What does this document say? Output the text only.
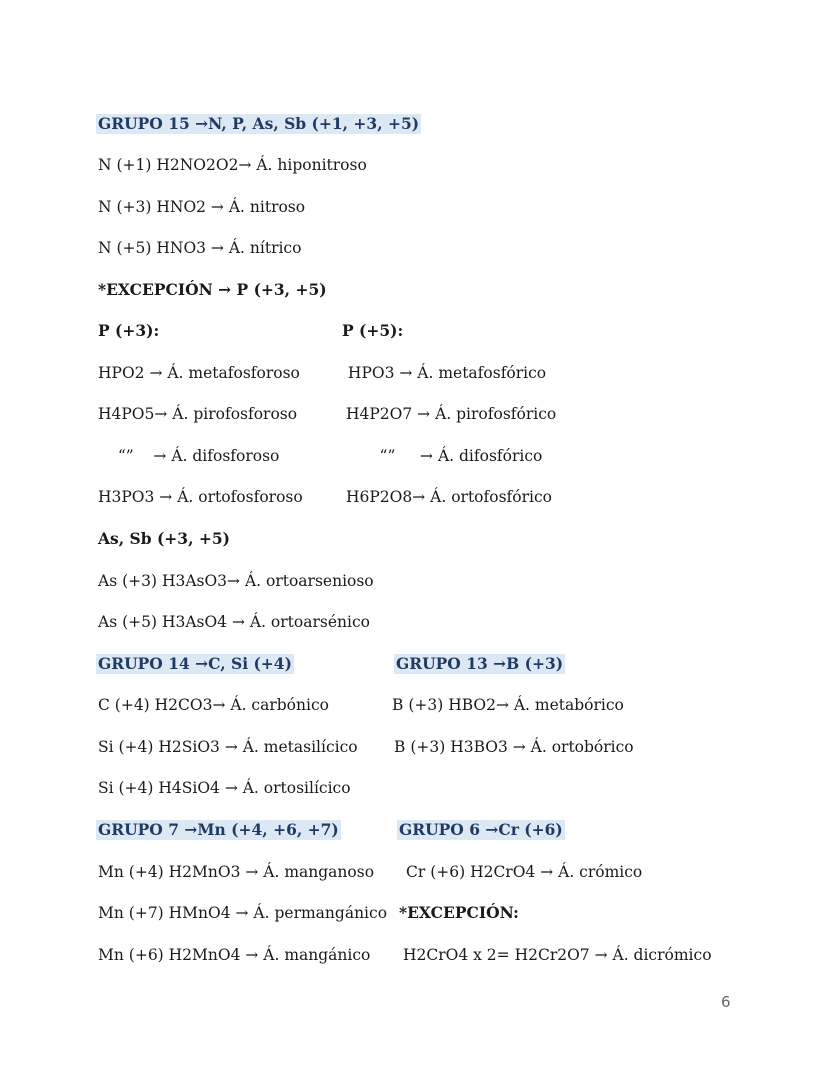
GRUPO 15 →N, P, As, Sb (+1, +3, +5)
N (+1) H2NO2O2→ Á. hiponitroso
N (+3) HNO2 → Á. nitroso
N (+5) HNO3 → Á. nítrico
*EXCEPCIÓN → P (+3, +5)
P (+3):	P (+5):
HPO2 → Á. metafosforoso	HPO3 → Á. metafosfórico
H4PO5→ Á. pirofosforoso	H4P2O7 → Á. pirofosfórico
“”    → Á. difosforoso	“”     → Á. difosfórico
H3PO3 → Á. ortofosforoso	H6P2O8→ Á. ortofosfórico
As, Sb (+3, +5)
As (+3) H3AsO3→ Á. ortoarsenioso
As (+5) H3AsO4 → Á. ortoarsénico
GRUPO 14 →C, Si (+4)	GRUPO 13 →B (+3)
C (+4) H2CO3→ Á. carbónico	B (+3) HBO2→ Á. metabórico
Si (+4) H2SiO3 → Á. metasilícico B (+3) H3BO3 → Á. ortobórico
Si (+4) H4SiO4 → Á. ortosilícico
GRUPO 7 →Mn (+4, +6, +7)	GRUPO 6 →Cr (+6)
Mn (+4) H2MnO3 → Á. manganoso Cr (+6) H2CrO4 → Á. crómico
Mn (+7) HMnO4 → Á. permangánico *EXCEPCIÓN:
Mn (+6) H2MnO4 → Á. mangánico H2CrO4 x 2= H2Cr2O7 → Á. dicrómico
6
